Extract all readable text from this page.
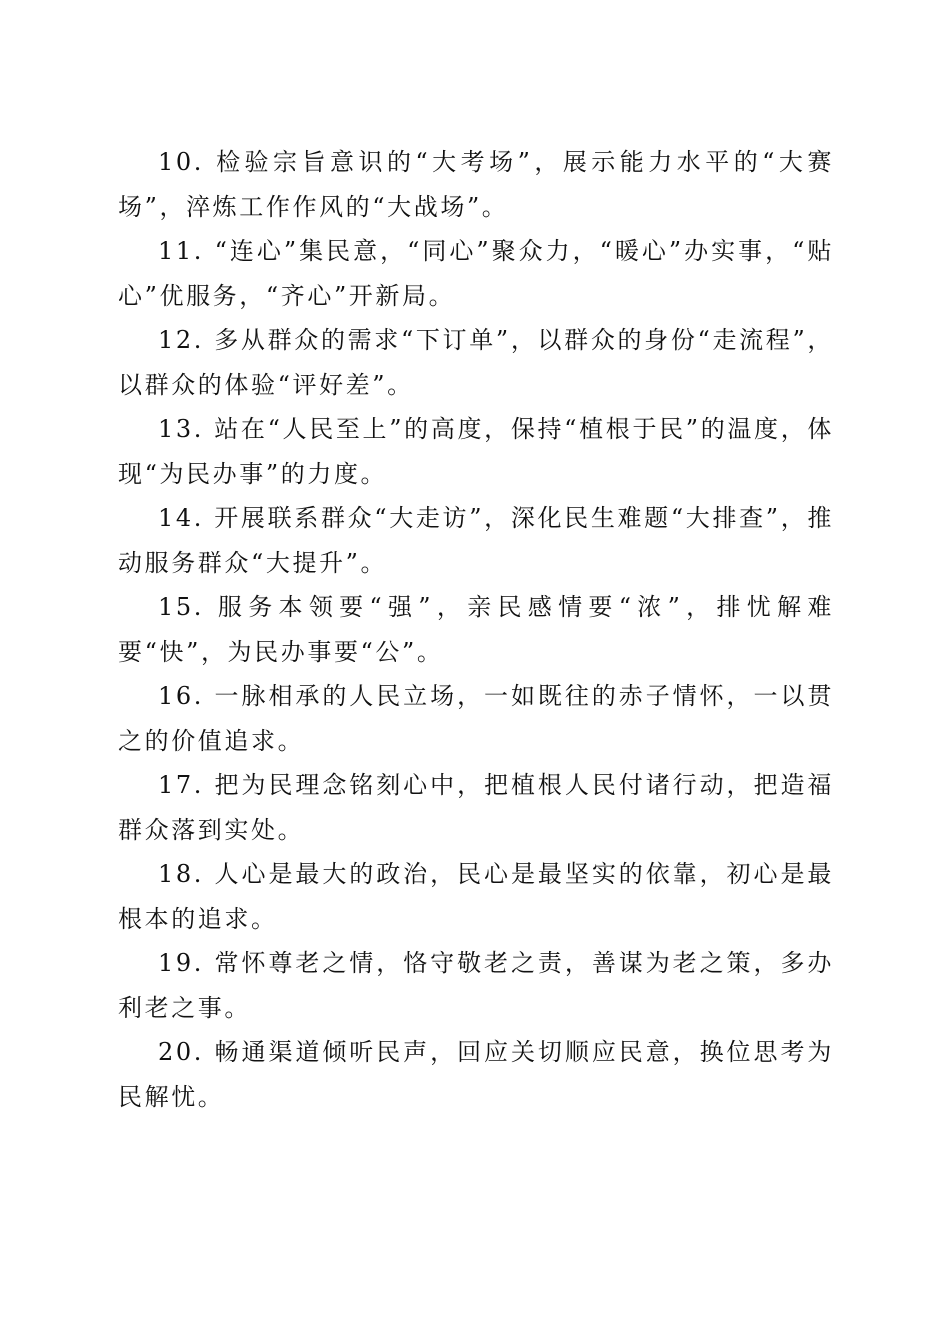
10. 检验宗旨意识的“大考场”，展示能力水平的“大赛场”，淬炼工作作风的“大战场”。

11. “连心”集民意，“同心”聚众力，“暖心”办实事，“贴心”优服务，“齐心”开新局。

12. 多从群众的需求“下订单”，以群众的身份“走流程”，以群众的体验“评好差”。

13. 站在“人民至上”的高度，保持“植根于民”的温度，体现“为民办事”的力度。

14. 开展联系群众“大走访”，深化民生难题“大排查”，推动服务群众“大提升”。

15. 服务本领要“强”，亲民感情要“浓”，排忧解难要“快”，为民办事要“公”。

16. 一脉相承的人民立场，一如既往的赤子情怀，一以贯之的价值追求。

17. 把为民理念铭刻心中，把植根人民付诸行动，把造福群众落到实处。

18. 人心是最大的政治，民心是最坚实的依靠，初心是最根本的追求。

19. 常怀尊老之情，恪守敬老之责，善谋为老之策，多办利老之事。

20. 畅通渠道倾听民声，回应关切顺应民意，换位思考为民解忧。
